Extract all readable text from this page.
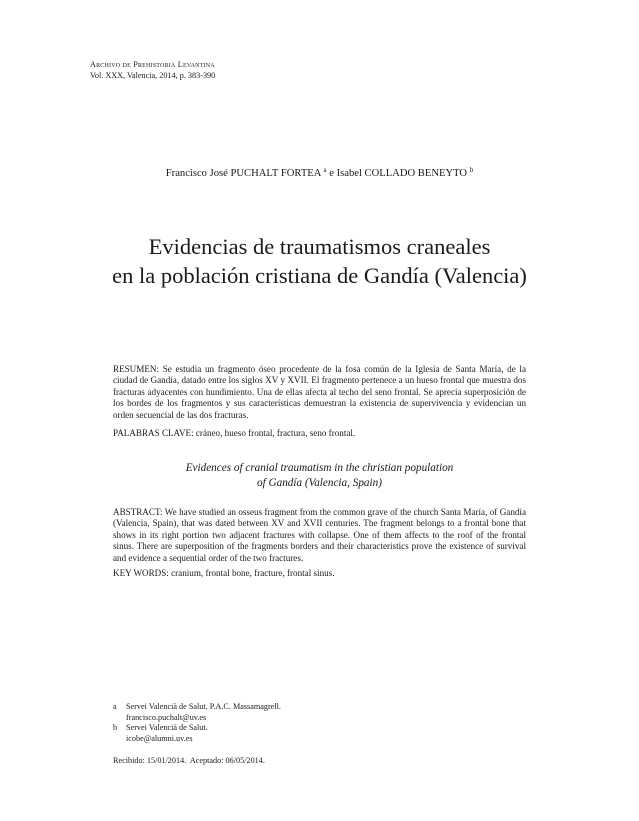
Archivo de Prehistoria Levantina
Vol. XXX, Valencia, 2014, p. 383-390
Francisco José PUCHALT FORTEA $^a$ e Isabel COLLADO BENEYTO $^b$
Evidencias de traumatismos craneales
en la población cristiana de Gandía (Valencia)
RESUMEN: Se estudia un fragmento óseo procedente de la fosa común de la Iglesia de Santa María, de la ciudad de Gandía, datado entre los siglos XV y XVII. El fragmento pertenece a un hueso frontal que muestra dos fracturas adyacentes con hundimiento. Una de ellas afecta al techo del seno frontal. Se aprecia superposición de los bordes de los fragmentos y sus características demuestran la existencia de supervivencia y evidencian un orden secuencial de las dos fracturas.
PALABRAS CLAVE: cráneo, hueso frontal, fractura, seno frontal.
Evidences of cranial traumatism in the christian population
of Gandía (Valencia, Spain)
ABSTRACT: We have studied an osseus fragment from the common grave of the church Santa María, of Gandía (Valencia, Spain), that was dated between XV and XVII centuries. The fragment belongs to a frontal bone that shows in its right portion two adjacent fractures with collapse. One of them affects to the roof of the frontal sinus. There are superposition of the fragments borders and their characteristics prove the existence of survival and evidence a sequential order of the two fractures.
KEY WORDS: cranium, frontal bone, fracture, frontal sinus.
a	Servei Valencià de Salut. P.A.C. Massamagrell.
francisco.puchalt@uv.es
b	Servei Valencià de Salut.
icobe@alumni.uv.es
Recibido: 15/01/2014.  Aceptado: 06/05/2014.
